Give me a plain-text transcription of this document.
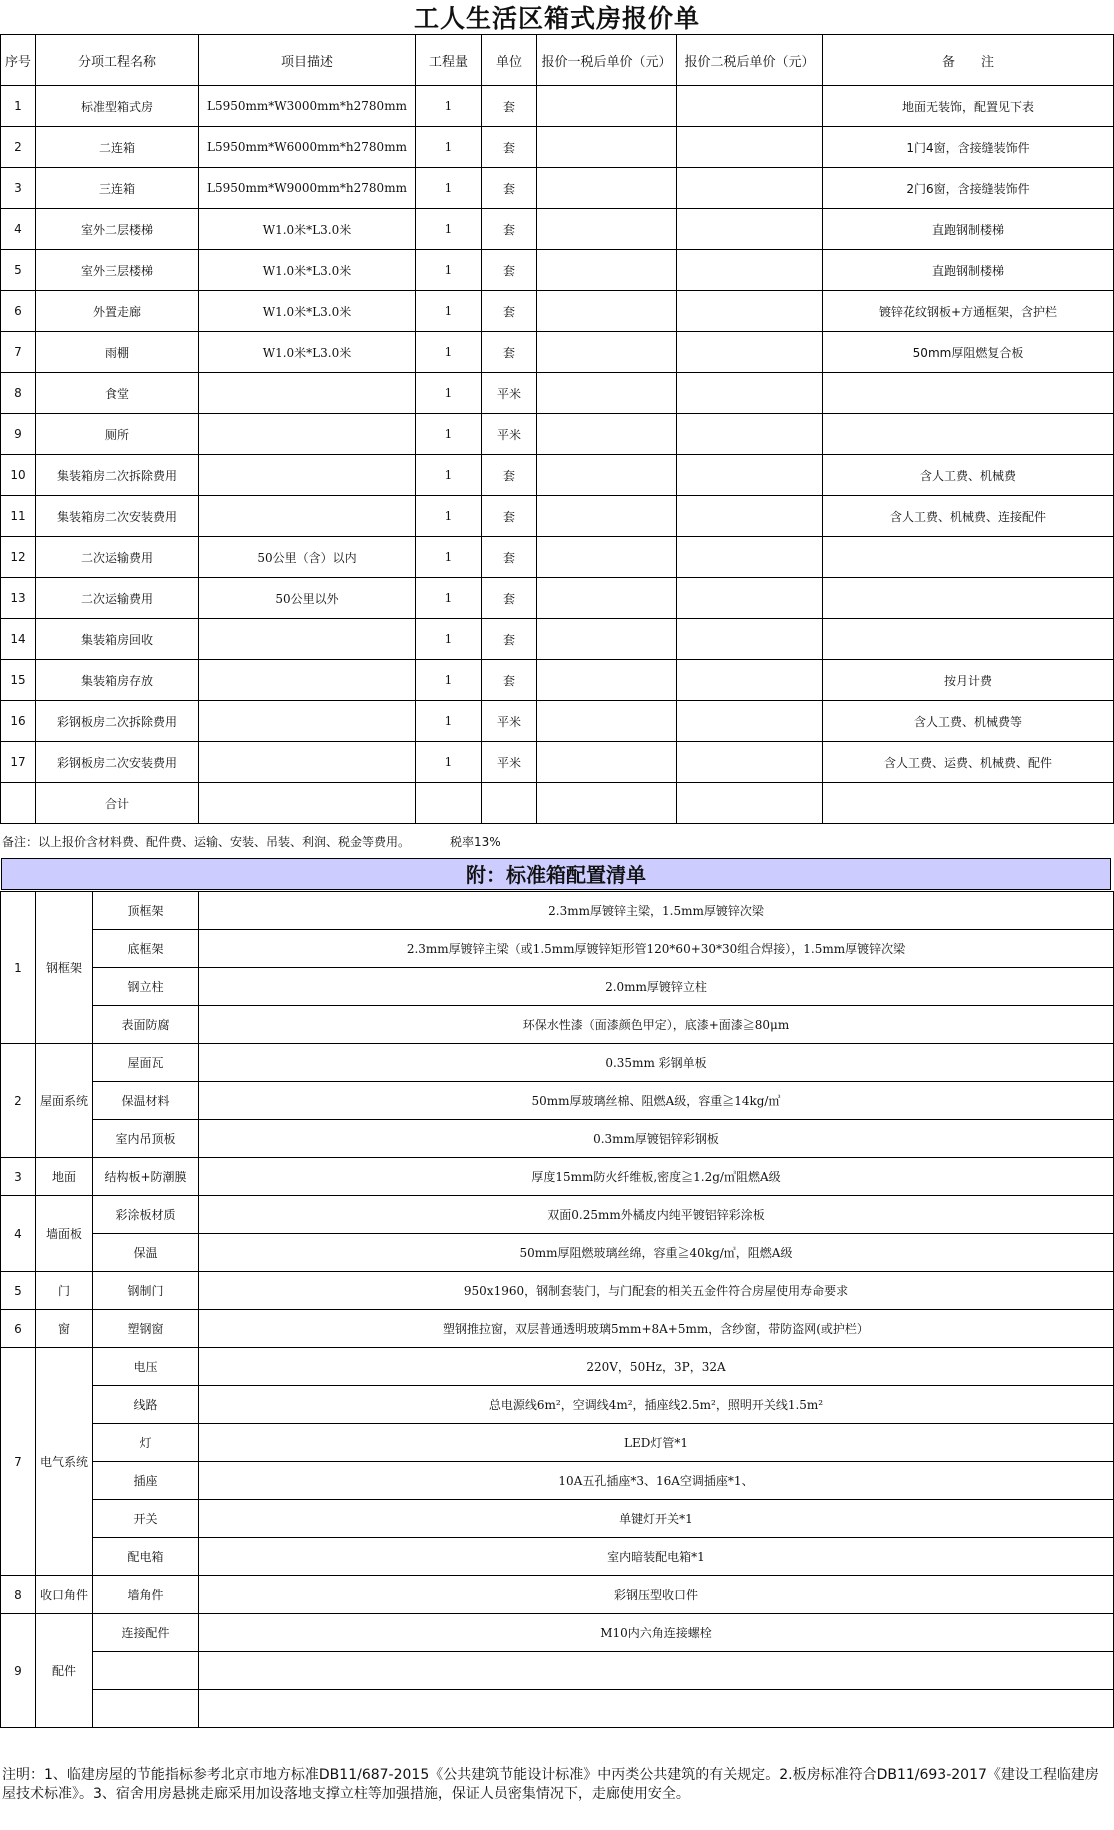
工人生活区箱式房报价单
序号	分项工程名称	项目描述	工程量	单位	报价一税后单价（元）	报价二税后单价（元）	备　　注
1	标准型箱式房	L5950mm*W3000mm*h2780mm	1	套			地面无装饰，配置见下表
2	二连箱	L5950mm*W6000mm*h2780mm	1	套			1门4窗，含接缝装饰件
3	三连箱	L5950mm*W9000mm*h2780mm	1	套			2门6窗，含接缝装饰件
4	室外二层楼梯	W1.0米*L3.0米	1	套			直跑钢制楼梯
5	室外三层楼梯	W1.0米*L3.0米	1	套			直跑钢制楼梯
6	外置走廊	W1.0米*L3.0米	1	套			镀锌花纹钢板+方通框架，含护栏
7	雨棚	W1.0米*L3.0米	1	套			50mm厚阻燃复合板
8	食堂		1	平米			
9	厕所		1	平米			
10	集装箱房二次拆除费用		1	套			含人工费、机械费
11	集装箱房二次安装费用		1	套			含人工费、机械费、连接配件
12	二次运输费用	50公里（含）以内	1	套			
13	二次运输费用	50公里以外	1	套			
14	集装箱房回收		1	套			
15	集装箱房存放		1	套			按月计费
16	彩钢板房二次拆除费用		1	平米			含人工费、机械费等
17	彩钢板房二次安装费用		1	平米			含人工费、运费、机械费、配件
	合计						
备注：以上报价含材料费、配件费、运输、安装、吊装、利润、税金等费用。	税率13%
附：标准箱配置清单
1	钢框架	顶框架	2.3mm厚镀锌主梁，1.5mm厚镀锌次梁
		底框架	2.3mm厚镀锌主梁（或1.5mm厚镀锌矩形管120*60+30*30组合焊接），1.5mm厚镀锌次梁
		钢立柱	2.0mm厚镀锌立柱
		表面防腐	环保水性漆（面漆颜色甲定），底漆+面漆≧80μm
2	屋面系统	屋面瓦	0.35mm 彩钢单板
		保温材料	50mm厚玻璃丝棉、阻燃A级，容重≧14kg/㎥
		室内吊顶板	0.3mm厚镀铝锌彩钢板
3	地面	结构板+防潮膜	厚度15mm防火纤维板,密度≧1.2g/㎥阻燃A级
4	墙面板	彩涂板材质	双面0.25mm外橘皮内纯平镀铝锌彩涂板
		保温	50mm厚阻燃玻璃丝绵，容重≧40kg/㎥，阻燃A级
5	门	钢制门	950x1960，钢制套装门，与门配套的相关五金件符合房屋使用寿命要求
6	窗	塑钢窗	塑钢推拉窗，双层普通透明玻璃5mm+8A+5mm，含纱窗，带防盗网(或护栏）
7	电气系统	电压	220V，50Hz，3P，32A
		线路	总电源线6m²，空调线4m²，插座线2.5m²，照明开关线1.5m²
		灯	LED灯管*1
		插座	10A五孔插座*3、16A空调插座*1、
		开关	单键灯开关*1
		配电箱	室内暗装配电箱*1
8	收口角件	墙角件	彩钢压型收口件
9	配件	连接配件	M10内六角连接螺栓

注明：1、临建房屋的节能指标参考北京市地方标准DB11/687-2015《公共建筑节能设计标准》中丙类公共建筑的有关规定。2.板房标准符合DB11/693-2017《建设工程临建房屋技术标准》。3、宿舍用房悬挑走廊采用加设落地支撑立柱等加强措施，保证人员密集情况下，走廊使用安全。
